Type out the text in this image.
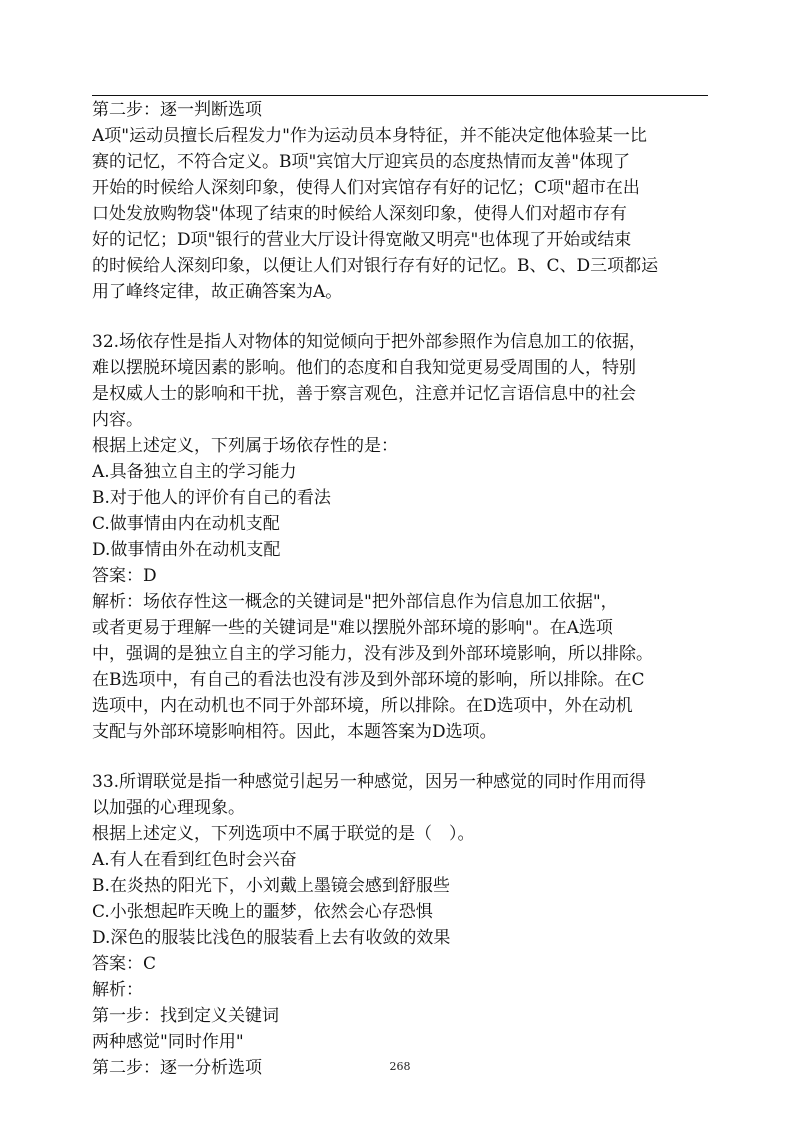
第二步：逐一判断选项
A项"运动员擅长后程发力"作为运动员本身特征，并不能决定他体验某一比
赛的记忆，不符合定义。B项"宾馆大厅迎宾员的态度热情而友善"体现了
开始的时候给人深刻印象，使得人们对宾馆存有好的记忆；C项"超市在出
口处发放购物袋"体现了结束的时候给人深刻印象，使得人们对超市存有
好的记忆；D项"银行的营业大厅设计得宽敞又明亮"也体现了开始或结束
的时候给人深刻印象，以便让人们对银行存有好的记忆。B、C、D三项都运
用了峰终定律，故正确答案为A。
32.场依存性是指人对物体的知觉倾向于把外部参照作为信息加工的依据，
难以摆脱环境因素的影响。他们的态度和自我知觉更易受周围的人，特别
是权威人士的影响和干扰，善于察言观色，注意并记忆言语信息中的社会
内容。
根据上述定义，下列属于场依存性的是：
A.具备独立自主的学习能力
B.对于他人的评价有自己的看法
C.做事情由内在动机支配
D.做事情由外在动机支配
答案：D
解析：场依存性这一概念的关键词是"把外部信息作为信息加工依据"，
或者更易于理解一些的关键词是"难以摆脱外部环境的影响"。在A选项
中，强调的是独立自主的学习能力，没有涉及到外部环境影响，所以排除。
在B选项中，有自己的看法也没有涉及到外部环境的影响，所以排除。在C
选项中，内在动机也不同于外部环境，所以排除。在D选项中，外在动机
支配与外部环境影响相符。因此，本题答案为D选项。
33.所谓联觉是指一种感觉引起另一种感觉，因另一种感觉的同时作用而得
以加强的心理现象。
根据上述定义，下列选项中不属于联觉的是（　）。
A.有人在看到红色时会兴奋
B.在炎热的阳光下，小刘戴上墨镜会感到舒服些
C.小张想起昨天晚上的噩梦，依然会心存恐惧
D.深色的服装比浅色的服装看上去有收敛的效果
答案：C
解析：
第一步：找到定义关键词
两种感觉"同时作用"
第二步：逐一分析选项	268
